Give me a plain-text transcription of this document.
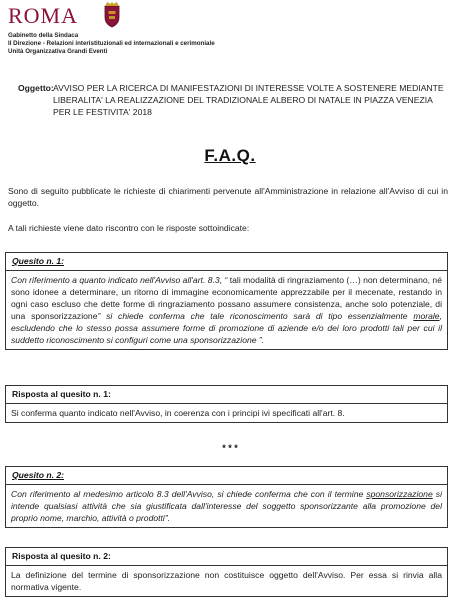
ROMA
Gabinetto della Sindaca
II Direzione - Relazioni interistituzionali ed internazionali e cerimoniale
Unità Organizzativa Grandi Eventi
Oggetto: AVVISO PER LA RICERCA DI MANIFESTAZIONI DI INTERESSE VOLTE A SOSTENERE MEDIANTE LIBERALITA' LA REALIZZAZIONE DEL TRADIZIONALE ALBERO DI NATALE IN PIAZZA VENEZIA PER LE FESTIVITA' 2018
F.A.Q.
Sono di seguito pubblicate le richieste di chiarimenti pervenute all'Amministrazione in relazione all'Avviso di cui in oggetto.
A tali richieste viene dato riscontro con le risposte sottoindicate:
Quesito n. 1:
Con riferimento a quanto indicato nell'Avviso all'art. 8.3, “ tali modalità di ringraziamento (…) non determinano, né sono idonee a determinare, un ritorno di immagine economicamente apprezzabile per il mecenate, restando in ogni caso escluso che dette forme di ringraziamento possano assumere consistenza, anche solo potenziale, di una sponsorizzazione” si chiede conferma che tale riconoscimento sarà di tipo essenzialmente morale, escludendo che lo stesso possa assumere forme di promozione di aziende e/o dei loro prodotti tali per cui il suddetto riconoscimento si configuri come una sponsorizzazione ”.
Risposta al quesito n. 1:
Si conferma quanto indicato nell'Avviso, in coerenza con i principi ivi specificati all'art. 8.
* * *
Quesito n. 2:
Con riferimento al medesimo articolo 8.3 dell'Avviso, si chiede conferma che con il termine sponsorizzazione si intende qualsiasi attività che sia giustificata dall'interesse del soggetto sponsorizzante alla promozione del proprio nome, marchio, attività o prodotti”.
Risposta al quesito n. 2:
La definizione del termine di sponsorizzazione non costituisce oggetto dell'Avviso. Per essa si rinvia alla normativa vigente.
